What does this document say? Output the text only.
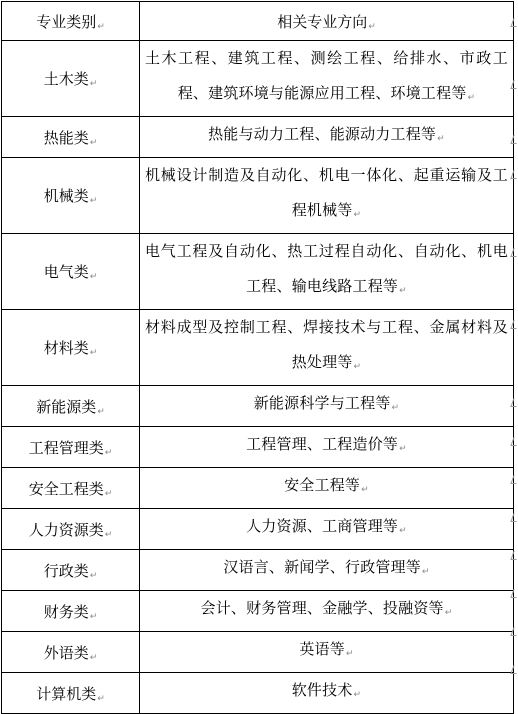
专业类别↵	相关专业方向↵
土木类↵	土木工程、建筑工程、测绘工程、给排水、市政工程、建筑环境与能源应用工程、环境工程等↵
热能类↵	热能与动力工程、能源动力工程等↵
机械类↵	机械设计制造及自动化、机电一体化、起重运输及工程机械等↵
电气类↵	电气工程及自动化、热工过程自动化、自动化、机电工程、输电线路工程等↵
材料类↵	材料成型及控制工程、焊接技术与工程、金属材料及热处理等↵
新能源类↵	新能源科学与工程等↵
工程管理类↵	工程管理、工程造价等↵
安全工程类↵	安全工程等↵
人力资源类↵	人力资源、工商管理等↵
行政类↵	汉语言、新闻学、行政管理等↵
财务类↵	会计、财务管理、金融学、投融资等↵
外语类↵	英语等↵
计算机类↵	软件技术↵
